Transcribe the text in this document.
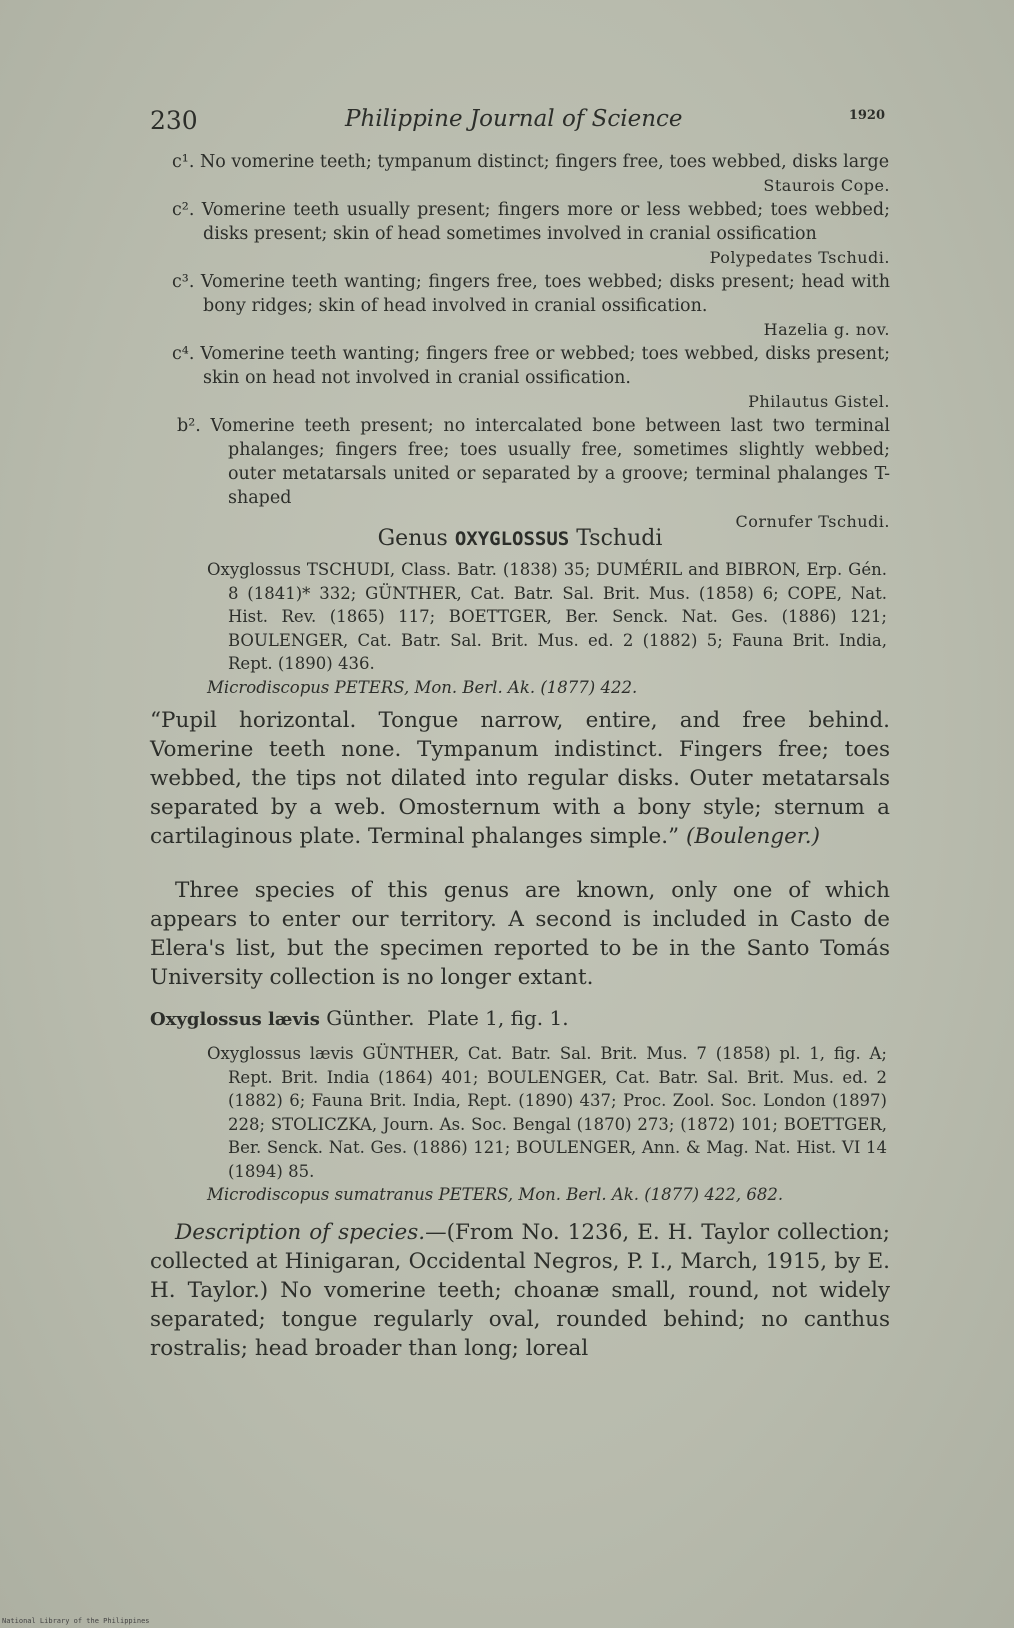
230	Philippine Journal of Science	1920
c¹. No vomerine teeth; tympanum distinct; fingers free, toes webbed, disks large
Staurois Cope.
c². Vomerine teeth usually present; fingers more or less webbed; toes webbed; disks present; skin of head sometimes involved in cranial ossification
Polypedates Tschudi.
c³. Vomerine teeth wanting; fingers free, toes webbed; disks present; head with bony ridges; skin of head involved in cranial ossification.
Hazelia g. nov.
c⁴. Vomerine teeth wanting; fingers free or webbed; toes webbed, disks present; skin on head not involved in cranial ossification.
Philautus Gistel.
b². Vomerine teeth present; no intercalated bone between last two terminal phalanges; fingers free; toes usually free, sometimes slightly webbed; outer metatarsals united or separated by a groove; terminal phalanges T-shaped
Cornufer Tschudi.
Genus OXYGLOSSUS Tschudi
Oxyglossus TSCHUDI, Class. Batr. (1838) 35; DUMÉRIL and BIBRON, Erp. Gén. 8 (1841)* 332; GÜNTHER, Cat. Batr. Sal. Brit. Mus. (1858) 6; COPE, Nat. Hist. Rev. (1865) 117; BOETTGER, Ber. Senck. Nat. Ges. (1886) 121; BOULENGER, Cat. Batr. Sal. Brit. Mus. ed. 2 (1882) 5; Fauna Brit. India, Rept. (1890) 436.
Microdiscopus PETERS, Mon. Berl. Ak. (1877) 422.
“Pupil horizontal. Tongue narrow, entire, and free behind. Vomerine teeth none. Tympanum indistinct. Fingers free; toes webbed, the tips not dilated into regular disks. Outer metatarsals separated by a web. Omosternum with a bony style; sternum a cartilaginous plate. Terminal phalanges simple.” (Boulenger.)
Three species of this genus are known, only one of which appears to enter our territory. A second is included in Casto de Elera's list, but the specimen reported to be in the Santo Tomás University collection is no longer extant.
Oxyglossus lævis Günther. Plate 1, fig. 1.
Oxyglossus lævis GÜNTHER, Cat. Batr. Sal. Brit. Mus. 7 (1858) pl. 1, fig. A; Rept. Brit. India (1864) 401; BOULENGER, Cat. Batr. Sal. Brit. Mus. ed. 2 (1882) 6; Fauna Brit. India, Rept. (1890) 437; Proc. Zool. Soc. London (1897) 228; STOLICZKA, Journ. As. Soc. Bengal (1870) 273; (1872) 101; BOETTGER, Ber. Senck. Nat. Ges. (1886) 121; BOULENGER, Ann. & Mag. Nat. Hist. VI 14 (1894) 85.
Microdiscopus sumatranus PETERS, Mon. Berl. Ak. (1877) 422, 682.
Description of species.—(From No. 1236, E. H. Taylor collection; collected at Hinigaran, Occidental Negros, P. I., March, 1915, by E. H. Taylor.) No vomerine teeth; choanæ small, round, not widely separated; tongue regularly oval, rounded behind; no canthus rostralis; head broader than long; loreal
National Library of the Philippines
